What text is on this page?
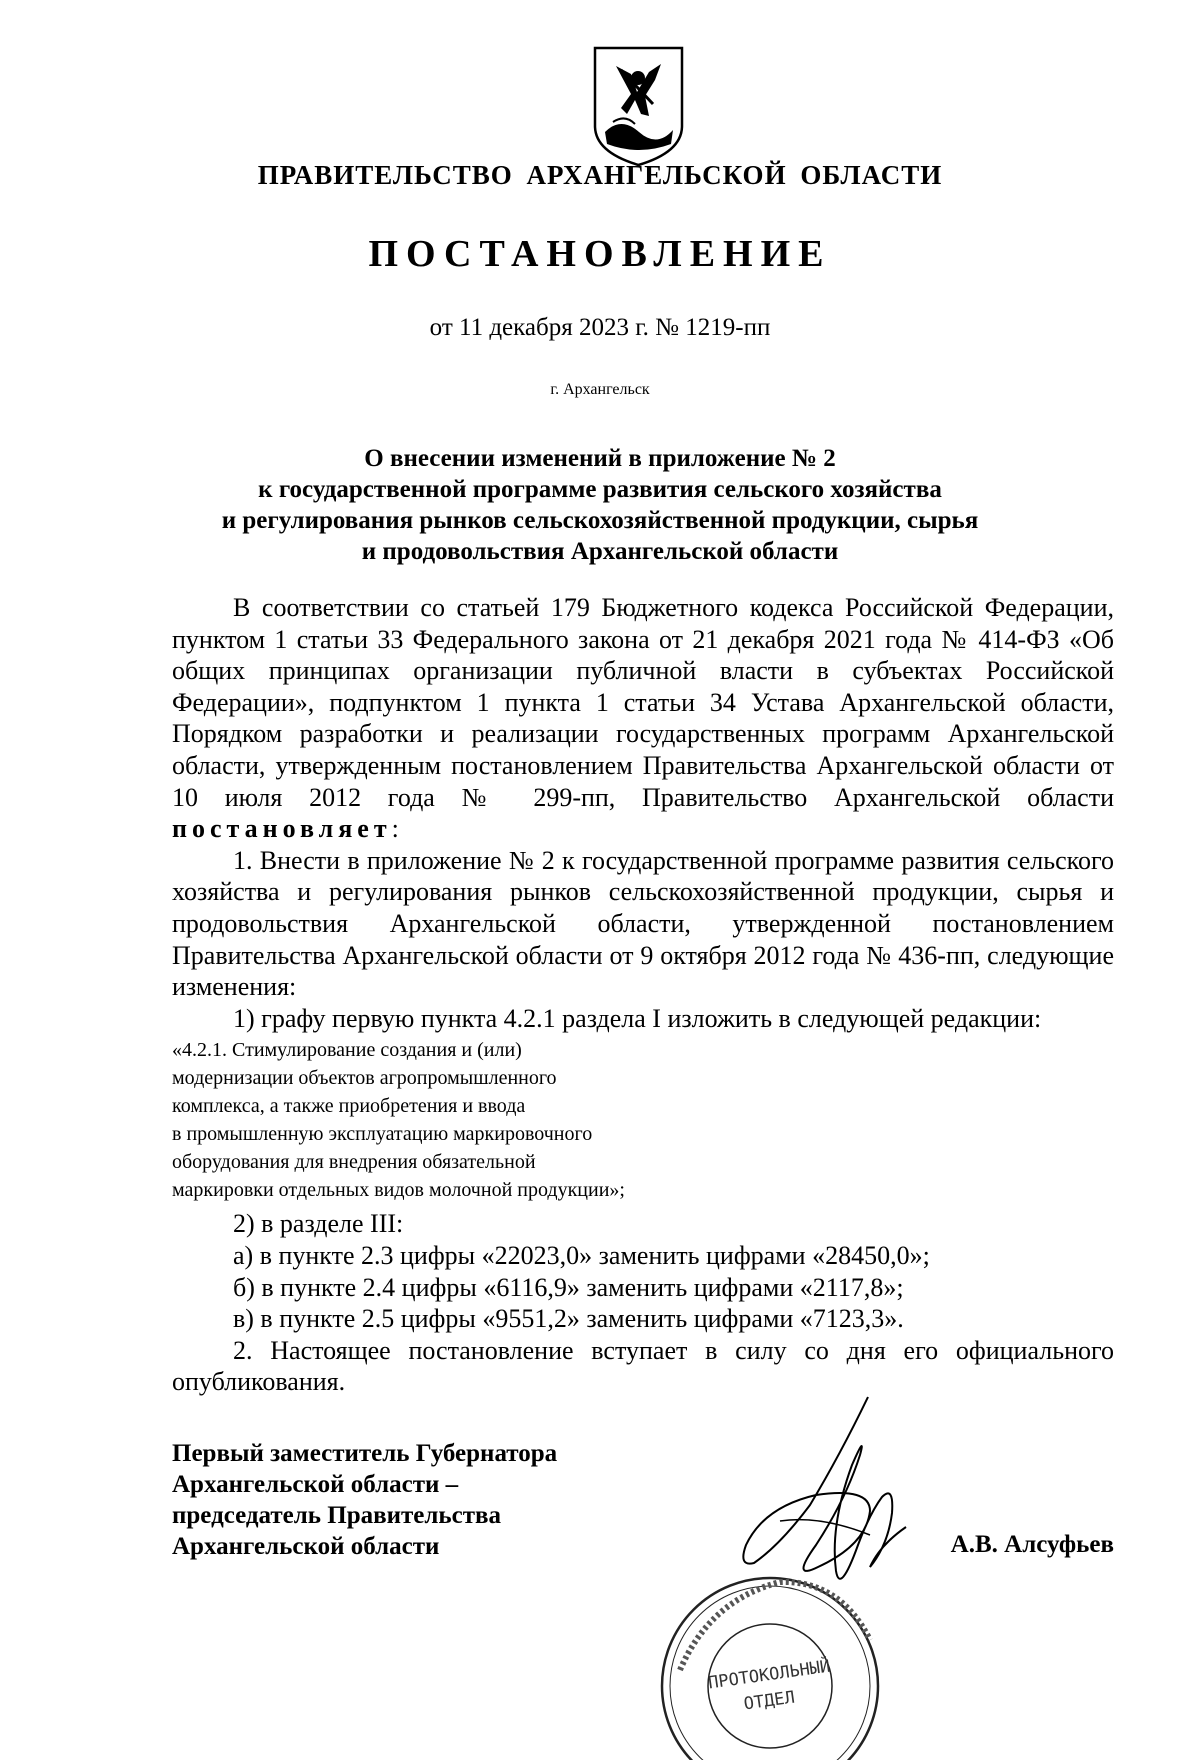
ПРАВИТЕЛЬСТВО АРХАНГЕЛЬСКОЙ ОБЛАСТИ
ПОСТАНОВЛЕНИЕ
от 11 декабря 2023 г. № 1219-пп
г. Архангельск
О внесении изменений в приложение № 2
к государственной программе развития сельского хозяйства
и регулирования рынков сельскохозяйственной продукции, сырья
и продовольствия Архангельской области

В соответствии со статьей 179 Бюджетного кодекса Российской Федерации, пунктом 1 статьи 33 Федерального закона от 21 декабря 2021 года № 414-ФЗ «Об общих принципах организации публичной власти в субъектах Российской Федерации», подпунктом 1 пункта 1 статьи 34 Устава Архангельской области, Порядком разработки и реализации государственных программ Архангельской области, утвержденным постановлением Правительства Архангельской области от 10 июля 2012 года № 299-пп, Правительство Архангельской области постановляет:

1. Внести в приложение № 2 к государственной программе развития сельского хозяйства и регулирования рынков сельскохозяйственной продукции, сырья и продовольствия Архангельской области, утвержденной постановлением Правительства Архангельской области от 9 октября 2012 года № 436-пп, следующие изменения:

1) графу первую пункта 4.2.1 раздела I изложить в следующей редакции:

«4.2.1. Стимулирование создания и (или)
модернизации объектов агропромышленного
комплекса, а также приобретения и ввода
в промышленную эксплуатацию маркировочного
оборудования для внедрения обязательной
маркировки отдельных видов молочной продукции»;

2) в разделе III:

а) в пункте 2.3 цифры «22023,0» заменить цифрами «28450,0»;

б) в пункте 2.4 цифры «6116,9» заменить цифрами «2117,8»;

в) в пункте 2.5 цифры «9551,2» заменить цифрами «7123,3».

2. Настоящее постановление вступает в силу со дня его официального опубликования.

Первый заместитель Губернатора
Архангельской области –
председатель Правительства
Архангельской области	А.В. Алсуфьев
ПРОТОКОЛЬНЫЙ
ОТДЕЛ
